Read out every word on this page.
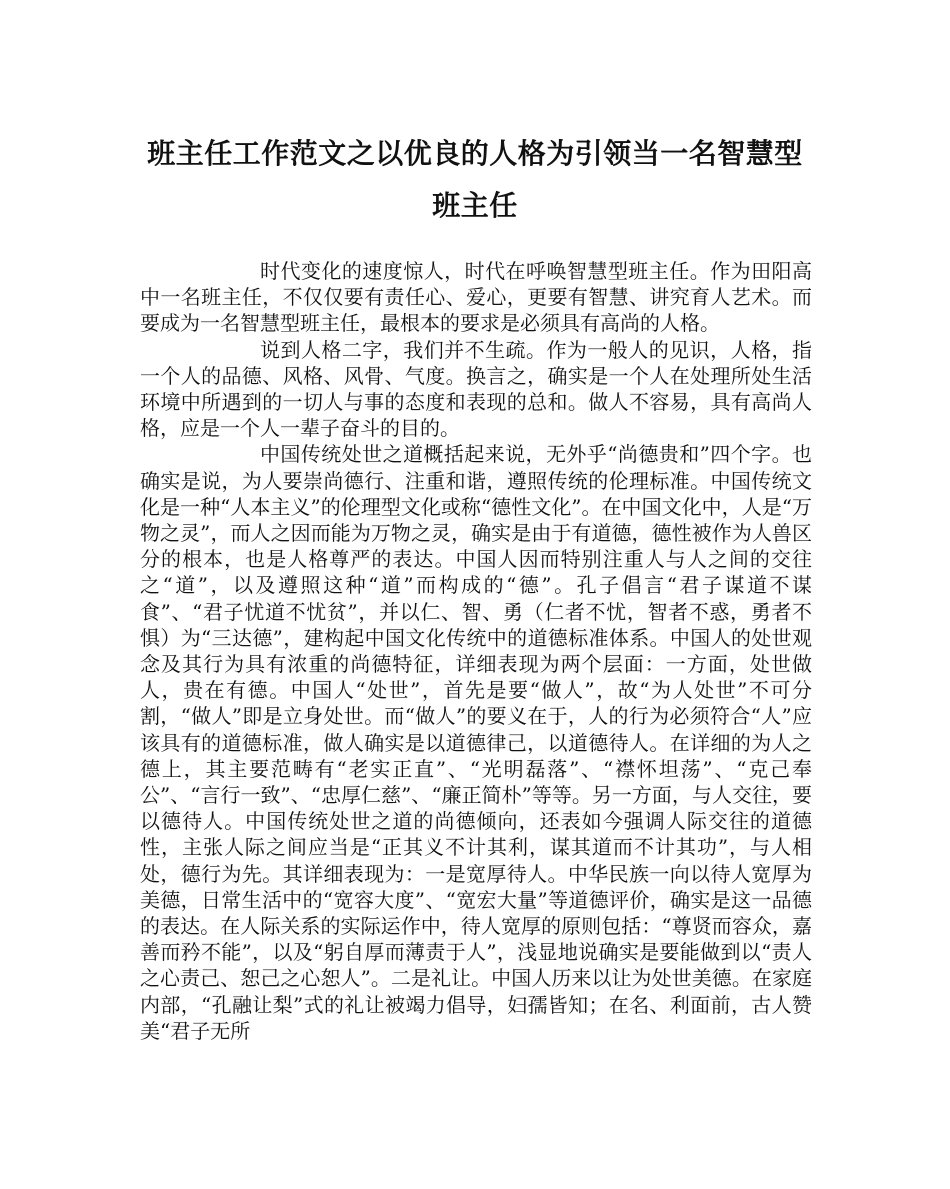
班主任工作范文之以优良的人格为引领当一名智慧型班主任

时代变化的速度惊人，时代在呼唤智慧型班主任。作为田阳高中一名班主任，不仅仅要有责任心、爱心，更要有智慧、讲究育人艺术。而要成为一名智慧型班主任，最根本的要求是必须具有高尚的人格。

说到人格二字，我们并不生疏。作为一般人的见识，人格，指一个人的品德、风格、风骨、气度。换言之，确实是一个人在处理所处生活环境中所遇到的一切人与事的态度和表现的总和。做人不容易，具有高尚人格，应是一个人一辈子奋斗的目的。

中国传统处世之道概括起来说，无外乎“尚德贵和”四个字。也确实是说，为人要崇尚德行、注重和谐，遵照传统的伦理标准。中国传统文化是一种“人本主义”的伦理型文化或称“德性文化”。在中国文化中，人是“万物之灵”，而人之因而能为万物之灵，确实是由于有道德，德性被作为人兽区分的根本，也是人格尊严的表达。中国人因而特别注重人与人之间的交往之“道”，以及遵照这种“道”而构成的“德”。孔子倡言“君子谋道不谋食”、“君子忧道不忧贫”，并以仁、智、勇（仁者不忧，智者不惑，勇者不惧）为“三达德”，建构起中国文化传统中的道德标准体系。中国人的处世观念及其行为具有浓重的尚德特征，详细表现为两个层面：一方面，处世做人，贵在有德。中国人“处世”，首先是要“做人”，故“为人处世”不可分割，“做人”即是立身处世。而“做人”的要义在于，人的行为必须符合“人”应该具有的道德标准，做人确实是以道德律己，以道德待人。在详细的为人之德上，其主要范畴有“老实正直”、“光明磊落”、“襟怀坦荡”、“克己奉公”、“言行一致”、“忠厚仁慈”、“廉正简朴”等等。另一方面，与人交往，要以德待人。中国传统处世之道的尚德倾向，还表如今强调人际交往的道德性，主张人际之间应当是“正其义不计其利，谋其道而不计其功”，与人相处，德行为先。其详细表现为：一是宽厚待人。中华民族一向以待人宽厚为美德，日常生活中的“宽容大度”、“宽宏大量”等道德评价，确实是这一品德的表达。在人际关系的实际运作中，待人宽厚的原则包括：“尊贤而容众，嘉善而矜不能”，以及“躬自厚而薄责于人”，浅显地说确实是要能做到以“责人之心责己、恕己之心恕人”。二是礼让。中国人历来以让为处世美德。在家庭内部，“孔融让梨”式的礼让被竭力倡导，妇孺皆知；在名、利面前，古人赞美“君子无所
